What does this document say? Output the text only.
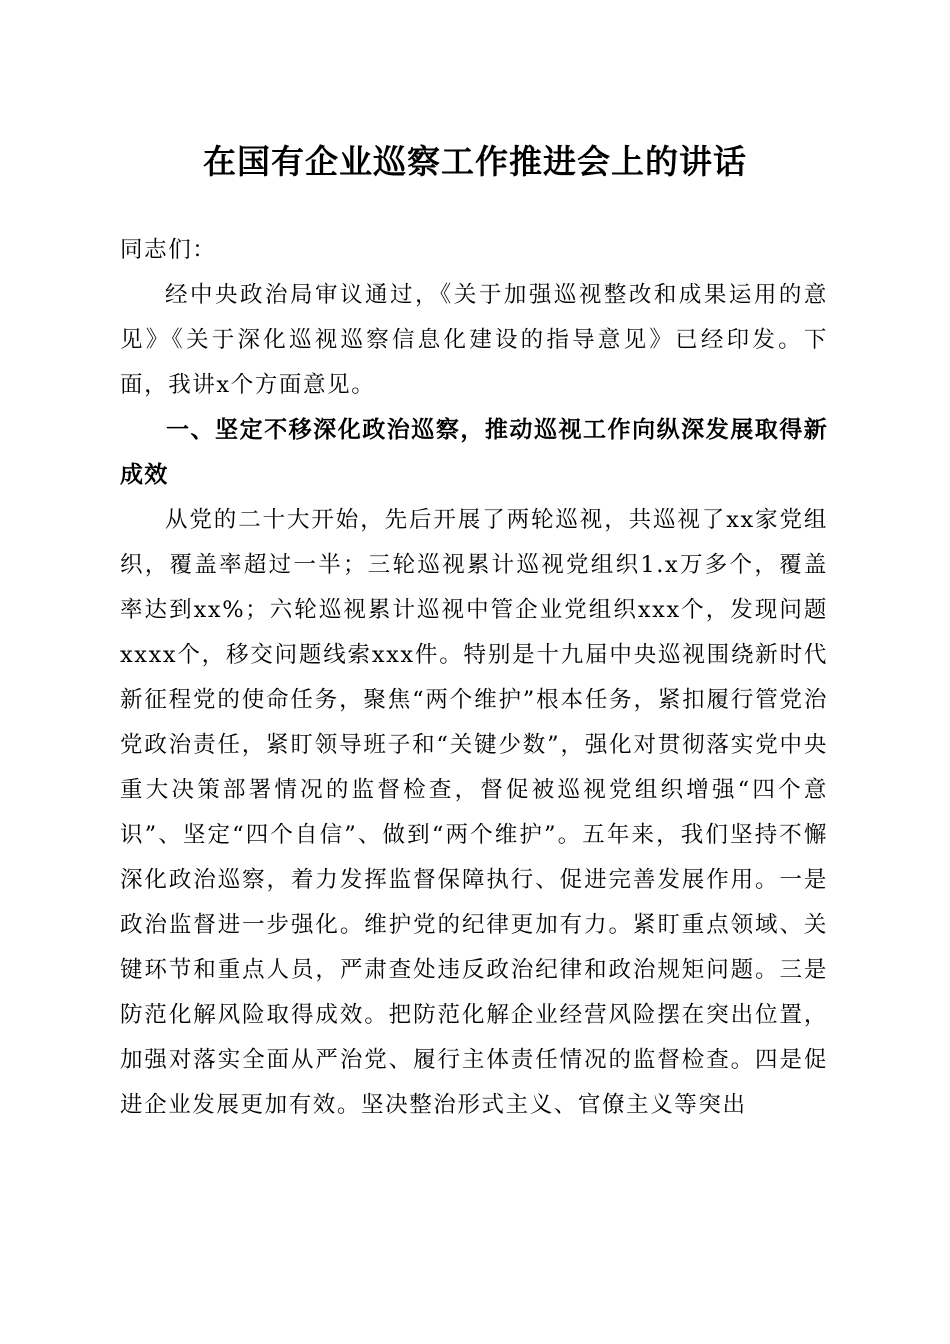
在国有企业巡察工作推进会上的讲话

同志们：

经中央政治局审议通过，《关于加强巡视整改和成果运用的意见》《关于深化巡视巡察信息化建设的指导意见》已经印发。下面，我讲x个方面意见。

一、坚定不移深化政治巡察，推动巡视工作向纵深发展取得新成效

从党的二十大开始，先后开展了两轮巡视，共巡视了xx家党组织，覆盖率超过一半；三轮巡视累计巡视党组织1.x万多个，覆盖率达到xx%；六轮巡视累计巡视中管企业党组织xxx个，发现问题xxxx个，移交问题线索xxx件。特别是十九届中央巡视围绕新时代新征程党的使命任务，聚焦“两个维护”根本任务，紧扣履行管党治党政治责任，紧盯领导班子和“关键少数”，强化对贯彻落实党中央重大决策部署情况的监督检查，督促被巡视党组织增强“四个意识”、坚定“四个自信”、做到“两个维护”。五年来，我们坚持不懈深化政治巡察，着力发挥监督保障执行、促进完善发展作用。一是政治监督进一步强化。维护党的纪律更加有力。紧盯重点领域、关键环节和重点人员，严肃查处违反政治纪律和政治规矩问题。三是防范化解风险取得成效。把防范化解企业经营风险摆在突出位置，加强对落实全面从严治党、履行主体责任情况的监督检查。四是促进企业发展更加有效。坚决整治形式主义、官僚主义等突出
